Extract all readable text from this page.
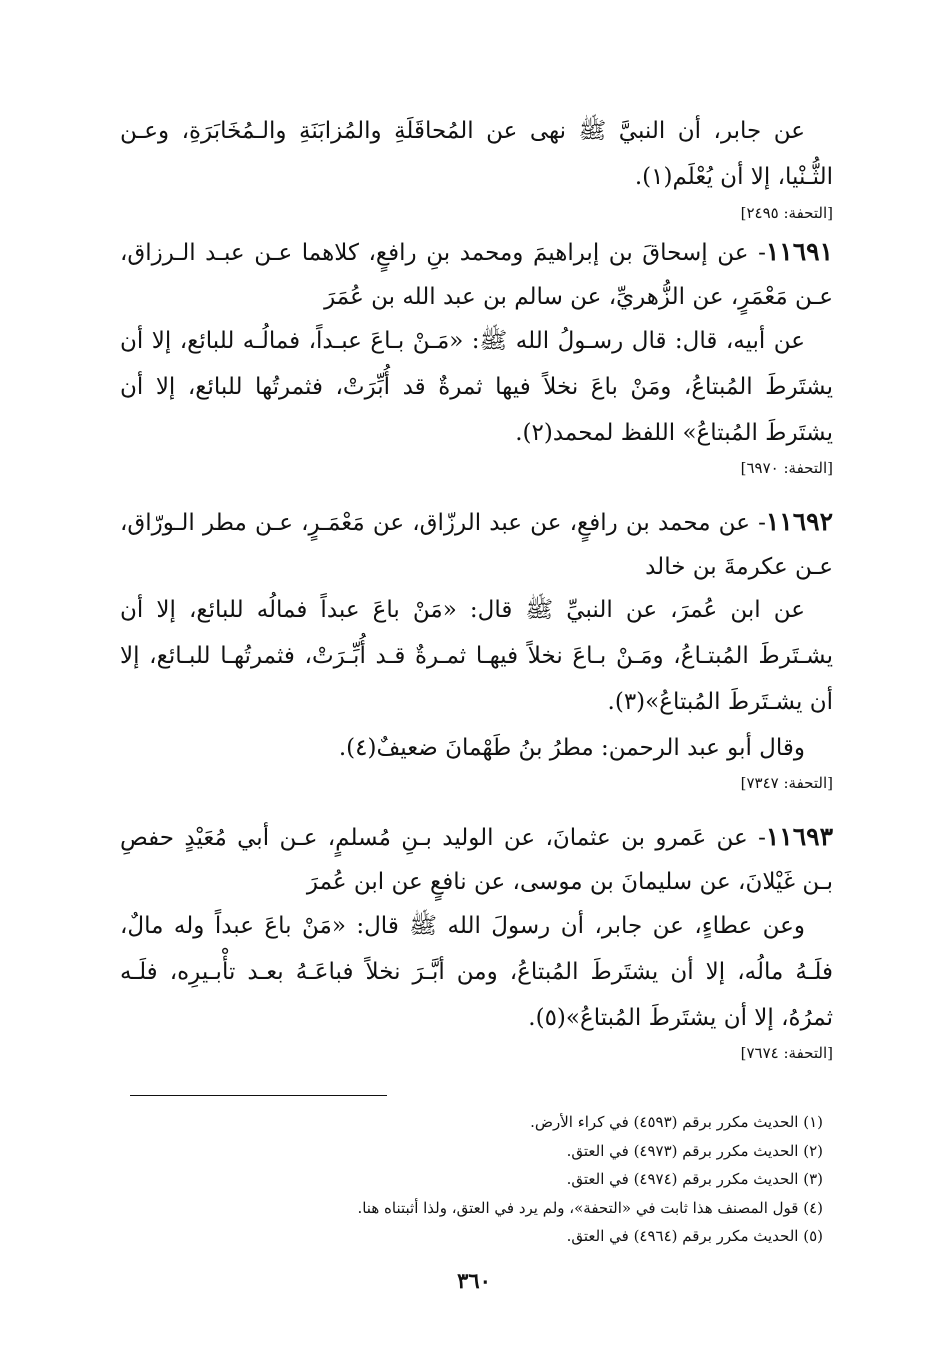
عن جابر، أن النبيَّ ﷺ نهى عن المُحاقَلَةِ والمُزابَنَةِ والـمُخَابَرَةِ، وعـن الثُّـنْيا، إلا أن يُعْلَم(١).

[التحفة: ٢٤٩٥]

١١٦٩١- عن إسحاقَ بن إبراهيمَ ومحمد بنِ رافعٍ، كلاهما عـن عبـد الـرزاق، عـن مَعْمَرٍ، عن الزُّهريِّ، عن سالم بن عبد الله بن عُمَرَ

عن أبيه، قال: قال رسـولُ الله ﷺ: «مَـنْ بـاعَ عبـداً، فمالُـه للبائع، إلا أن يشتَرطَ المُبتاعُ، ومَنْ باعَ نخلاً فيها ثمرةٌ قد أُبِّرَتْ، فثمرتُها للبائع، إلا أن يشتَرطَ المُبتاعُ» اللفظ لمحمد(٢).

[التحفة: ٦٩٧٠]

١١٦٩٢- عن محمد بن رافعٍ، عن عبد الرزّاق، عن مَعْمَـرٍ، عـن مطر الـورّاق، عـن عكرمةَ بن خالد

عن ابن عُمرَ، عن النبيِّ ﷺ قال: «مَنْ باعَ عبداً فمالُه للبائع، إلا أن يشـتَرطَ المُبتـاعُ، ومَـنْ بـاعَ نخلاً فيهـا ثمـرةٌ قـد أُبِّـرَتْ، فثمرتُهـا للبـائع، إلا أن يشـتَرطَ المُبتاعُ»(٣).

وقال أبو عبد الرحمن: مطرُ بنُ طَهْمانَ ضعيفٌ(٤).

[التحفة: ٧٣٤٧]

١١٦٩٣- عن عَمرو بن عثمانَ، عن الوليد بـنِ مُسلمٍ، عـن أبي مُعَيْدٍ حفصِ بـن غَيْلانَ، عن سليمانَ بن موسى، عن نافعٍ عن ابن عُمرَ

وعن عطاءٍ، عن جابر، أن رسولَ الله ﷺ قال: «مَنْ باعَ عبداً وله مالٌ، فلَـهُ مالُه، إلا أن يشتَرطَ المُبتاعُ، ومن أبَّـرَ نخلاً فباعَـهُ بعـد تأْبـيرِه، فلَـه ثمرُهُ، إلا أن يشتَرطَ المُبتاعُ»(٥).

[التحفة: ٧٦٧٤]
(١) الحديث مكرر برقم (٤٥٩٣) في كراء الأرض.
(٢) الحديث مكرر برقم (٤٩٧٣) في العتق.
(٣) الحديث مكرر برقم (٤٩٧٤) في العتق.
(٤) قول المصنف هذا ثابت في «التحفة»، ولم يرد في العتق، ولذا أثبتناه هنا.
(٥) الحديث مكرر برقم (٤٩٦٤) في العتق.
٣٦٠
